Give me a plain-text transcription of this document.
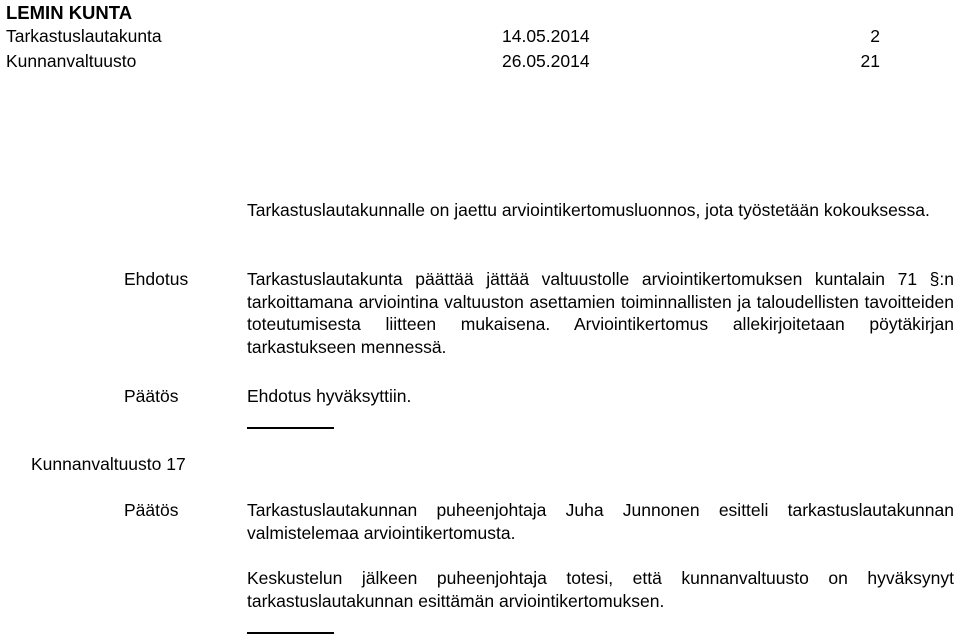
LEMIN KUNTA
Tarkastuslautakunta	14.05.2014	2
Kunnanvaltuusto	26.05.2014	21
Tarkastuslautakunnalle on jaettu arviointikertomusluonnos, jota työstetään kokouksessa.
Ehdotus	Tarkastuslautakunta päättää jättää valtuustolle arviointikertomuksen kuntalain 71 §:n tarkoittamana arviointina valtuuston asettamien toiminnallisten ja taloudellisten tavoitteiden toteutumisesta liitteen mukaisena. Arviointikertomus allekirjoitetaan pöytäkirjan tarkastukseen mennessä.
Päätös	Ehdotus hyväksyttiin.
Kunnanvaltuusto 17
Päätös	Tarkastuslautakunnan puheenjohtaja Juha Junnonen esitteli tarkastuslautakunnan valmistelemaa arviointikertomusta.
Keskustelun jälkeen puheenjohtaja totesi, että kunnanvaltuusto on hyväksynyt tarkastuslautakunnan esittämän arviointikertomuksen.
